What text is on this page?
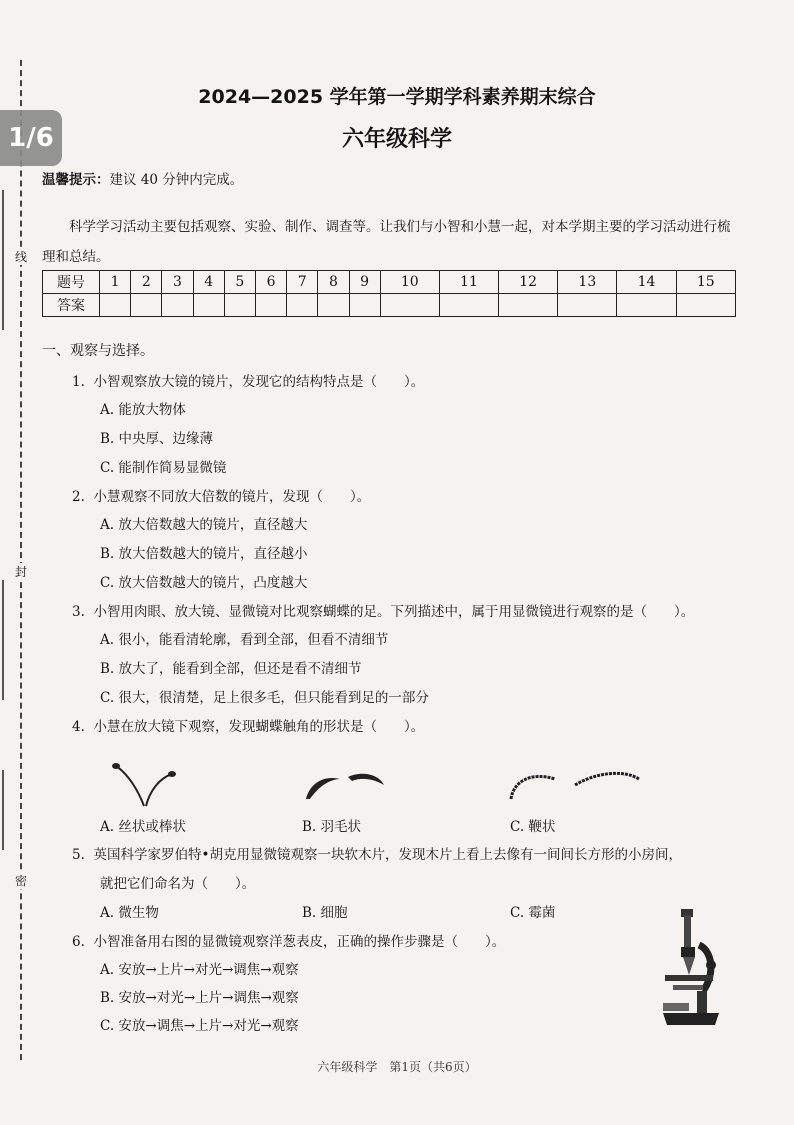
线
封
密
1/6
2024—2025 学年第一学期学科素养期末综合
六年级科学
温馨提示：建议 40 分钟内完成。
科学学习活动主要包括观察、实验、制作、调查等。让我们与小智和小慧一起，对本学期主要的学习活动进行梳理和总结。
题号	1	2	3	4	5	6	7	8	9	10	11	12	13	14	15
答案															
一、观察与选择。
1. 小智观察放大镜的镜片，发现它的结构特点是（　　）。
A. 能放大物体
B. 中央厚、边缘薄
C. 能制作简易显微镜
2. 小慧观察不同放大倍数的镜片，发现（　　）。
A. 放大倍数越大的镜片，直径越大
B. 放大倍数越大的镜片，直径越小
C. 放大倍数越大的镜片，凸度越大
3. 小智用肉眼、放大镜、显微镜对比观察蝴蝶的足。下列描述中，属于用显微镜进行观察的是（　　）。
A. 很小，能看清轮廓，看到全部，但看不清细节
B. 放大了，能看到全部，但还是看不清细节
C. 很大，很清楚，足上很多毛，但只能看到足的一部分
4. 小慧在放大镜下观察，发现蝴蝶触角的形状是（　　）。
A. 丝状或棒状	B. 羽毛状	C. 鞭状
5. 英国科学家罗伯特•胡克用显微镜观察一块软木片，发现木片上看上去像有一间间长方形的小房间，
就把它们命名为（　　）。
A. 微生物	B. 细胞	C. 霉菌
6. 小智准备用右图的显微镜观察洋葱表皮，正确的操作步骤是（　　）。
A. 安放→上片→对光→调焦→观察
B. 安放→对光→上片→调焦→观察
C. 安放→调焦→上片→对光→观察
六年级科学　第1页（共6页）
